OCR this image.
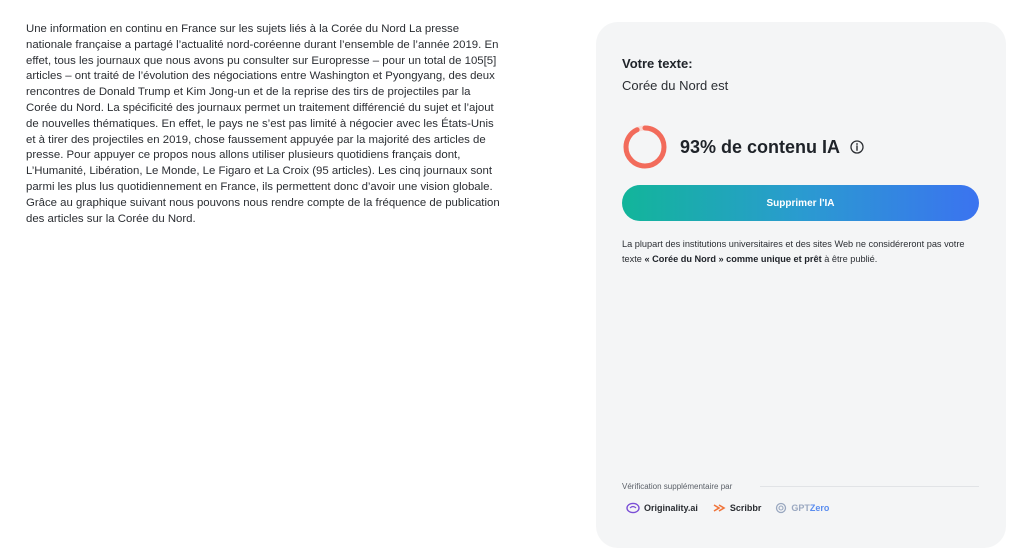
Une information en continu en France sur les sujets liés à la Corée du Nord La presse nationale française a partagé l’actualité nord-coréenne durant l’ensemble de l’année 2019. En effet, tous les journaux que nous avons pu consulter sur Europresse – pour un total de 105[5] articles – ont traité de l’évolution des négociations entre Washington et Pyongyang, des deux rencontres de Donald Trump et Kim Jong-un et de la reprise des tirs de projectiles par la Corée du Nord. La spécificité des journaux permet un traitement différencié du sujet et l’ajout de nouvelles thématiques. En effet, le pays ne s’est pas limité à négocier avec les États-Unis et à tirer des projectiles en 2019, chose faussement appuyée par la majorité des articles de presse. Pour appuyer ce propos nous allons utiliser plusieurs quotidiens français dont, L’Humanité, Libération, Le Monde, Le Figaro et La Croix (95 articles). Les cinq journaux sont parmi les plus lus quotidiennement en France, ils permettent donc d’avoir une vision globale. Grâce au graphique suivant nous pouvons nous rendre compte de la fréquence de publication des articles sur la Corée du Nord.

Votre texte:
Corée du Nord est
93% de contenu IA
Supprimer l'IA

La plupart des institutions universitaires et des sites Web ne considéreront pas votre texte « Corée du Nord » comme unique et prêt à être publié.

Vérification supplémentaire par
Originality.ai	Scribbr	GPTZero
